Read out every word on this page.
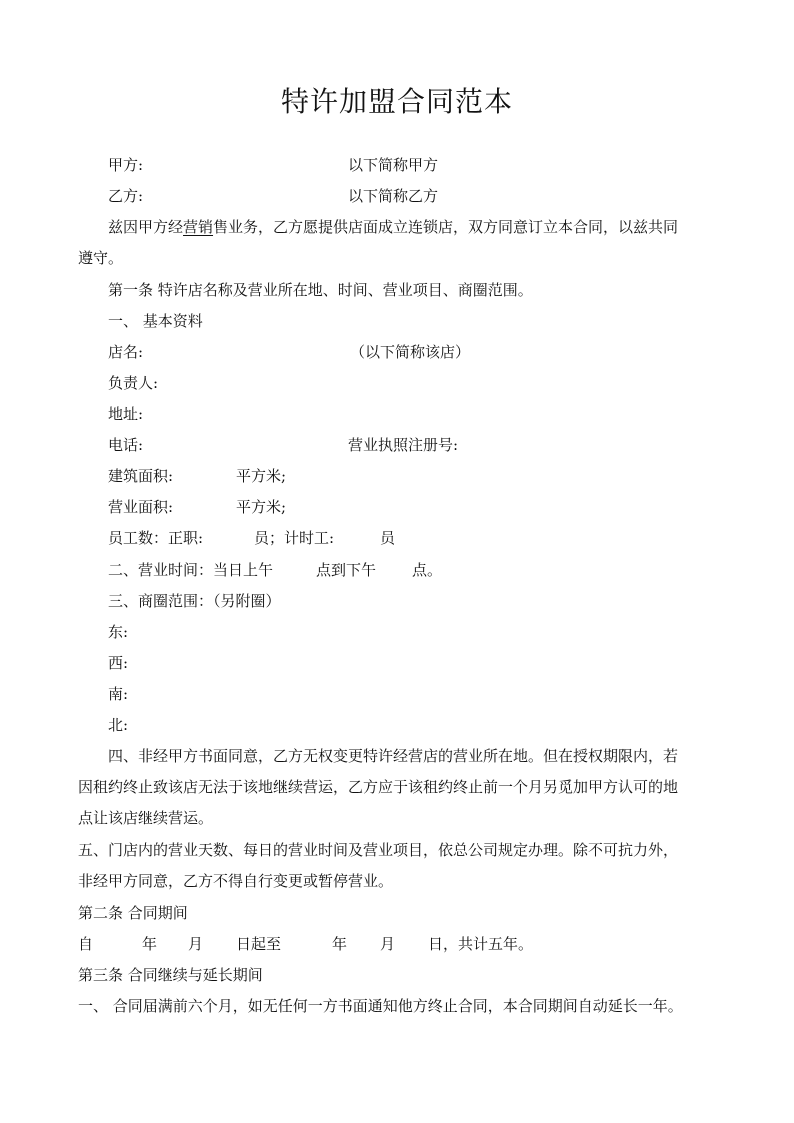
特许加盟合同范本
甲方:	以下简称甲方
乙方:	以下简称乙方
兹因甲方经营销售业务，乙方愿提供店面成立连锁店，双方同意订立本合同，以兹共同
遵守。
第一条 特许店名称及营业所在地、时间、营业项目、商圈范围。
一、 基本资料
店名:	（以下简称该店）
负责人:
地址:
电话:	营业执照注册号:
建筑面积:	平方米;
营业面积:	平方米;
员工数：正职:	员；计时工:	员
二、营业时间：当日上午	点到下午 点。
三、商圈范围：（另附圈）
东:
西:
南:
北:
四、非经甲方书面同意，乙方无权变更特许经营店的营业所在地。但在授权期限内，若
因租约终止致该店无法于该地继续营运，乙方应于该租约终止前一个月另觅加甲方认可的地
点让该店继续营运。
五、门店内的营业天数、每日的营业时间及营业项目，依总公司规定办理。除不可抗力外，
非经甲方同意，乙方不得自行变更或暂停营业。
第二条 合同期间
自	年 月 日起至	年 月 日，共计五年。
第三条 合同继续与延长期间
一、 合同届满前六个月，如无任何一方书面通知他方终止合同，本合同期间自动延长一年。
